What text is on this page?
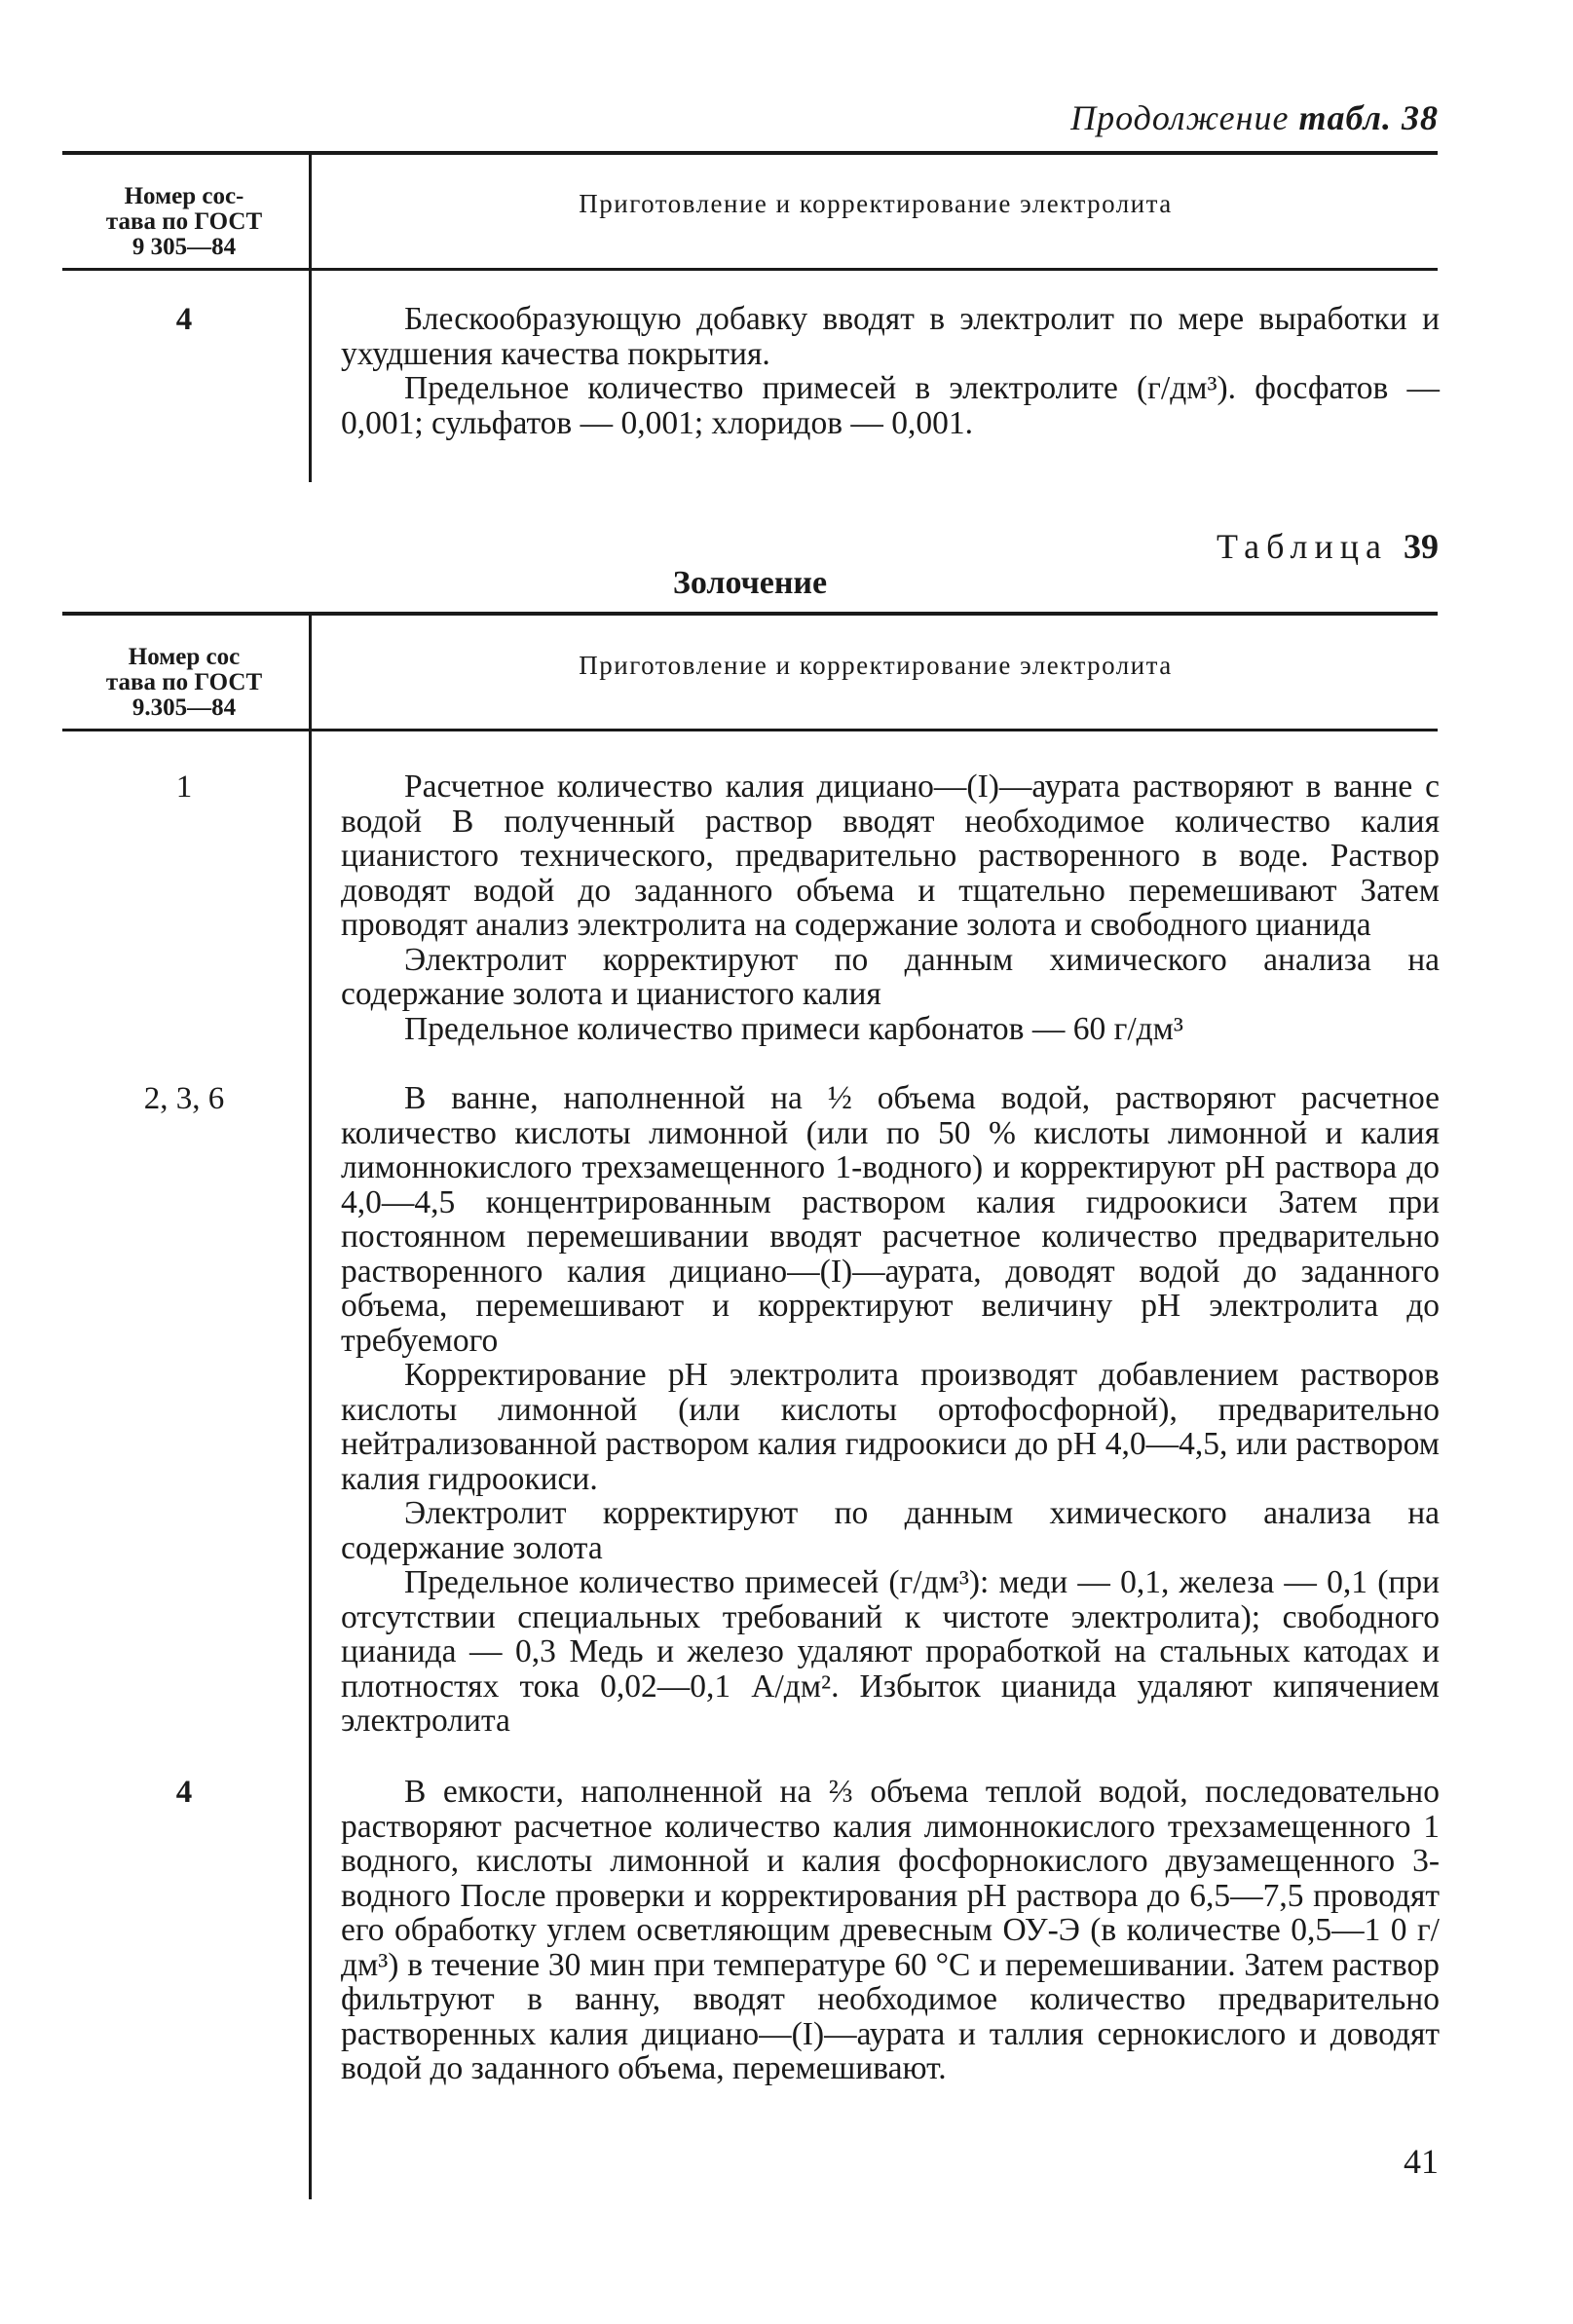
Продолжение табл. 38
Номер сос-
тава по ГОСТ
9 305—84
Приготовление и корректирование электролита
4	Блескообразующую добавку вводят в электролит по мере выработки и ухудшения качества покрытия.

Предельное количество примесей в электролите (г/дм³). фосфатов — 0,001; сульфатов — 0,001; хлоридов — 0,001.

Таблица 39
Золочение
Номер сос
тава по ГОСТ
9.305—84
Приготовление и корректирование электролита
1
2, 3, 6
4

Расчетное количество калия дициано—(I)—аурата растворяют в ванне с водой В полученный раствор вводят необходимое количество калия цианистого технического, предварительно растворенного в воде. Раствор доводят водой до заданного объема и тщательно перемешивают Затем проводят анализ электролита на содержание золота и свободного цианида

Электролит корректируют по данным химического анализа на содержание золота и цианистого калия

Предельное количество примеси карбонатов — 60 г/дм³

В ванне, наполненной на ½ объема водой, растворяют расчетное количество кислоты лимонной (или по 50 % кислоты лимонной и калия лимоннокислого трехзамещенного 1-водного) и корректируют рН раствора до 4,0—4,5 концентрированным раствором калия гидроокиси Затем при постоянном перемешивании вводят расчетное количество предварительно растворенного калия дициано—(I)—аурата, доводят водой до заданного объема, перемешивают и корректируют величину рН электролита до требуемого

Корректирование рН электролита производят добавлением растворов кислоты лимонной (или кислоты ортофосфорной), предварительно нейтрализованной раствором калия гидроокиси до рН 4,0—4,5, или раствором калия гидроокиси.

Электролит корректируют по данным химического анализа на содержание золота

Предельное количество примесей (г/дм³): меди — 0,1, железа — 0,1 (при отсутствии специальных требований к чистоте электролита); свободного цианида — 0,3 Медь и железо удаляют проработкой на стальных катодах и плотностях тока 0,02—0,1 А/дм². Избыток цианида удаляют кипячением электролита

В емкости, наполненной на ⅔ объема теплой водой, последовательно растворяют расчетное количество калия лимоннокислого трехзамещенного 1 водного, кислоты лимонной и калия фосфорнокислого двузамещенного 3-водного После проверки и корректирования рН раствора до 6,5—7,5 проводят его обработку углем осветляющим древесным ОУ-Э (в количестве 0,5—1 0 г/дм³) в течение 30 мин при температуре 60 °С и перемешивании. Затем раствор фильтруют в ванну, вводят необходимое количество предварительно растворенных калия дициано—(I)—аурата и таллия сернокислого и доводят водой до заданного объема, перемешивают.

41
